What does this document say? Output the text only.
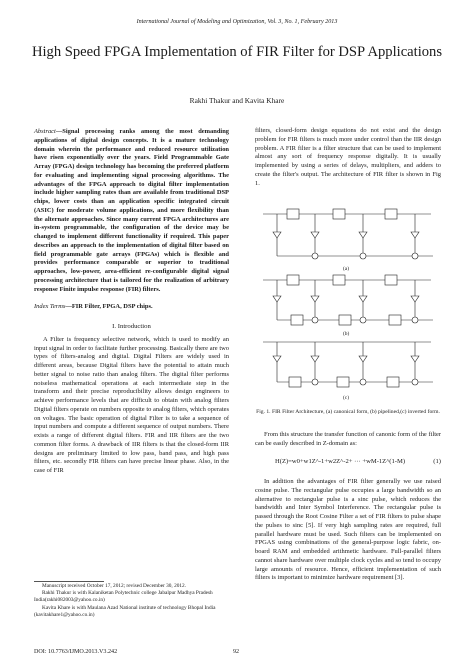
International Journal of Modeling and Optimization, Vol. 3, No. 1, February 2013
High Speed FPGA Implementation of FIR Filter for DSP Applications
Rakhi Thakur and Kavita Khare

Abstract—Signal processing ranks among the most demanding applications of digital design concepts. It is a mature technology domain wherein the performance and reduced resource utilization have risen exponentially over the years. Field Programmable Gate Array (FPGA) design technology has becoming the preferred platform for evaluating and implementing signal processing algorithms. The advantages of the FPGA approach to digital filter implementation include higher sampling rates than are available from traditional DSP chips, lower costs than an application specific integrated circuit (ASIC) for moderate volume applications, and more flexibility than the alternate approaches. Since many current FPGA architectures are in-system programmable, the configuration of the device may be changed to implement different functionality if required. This paper describes an approach to the implementation of digital filter based on field programmable gate arrays (FPGAs) which is flexible and provides performance comparable or superior to traditional approaches, low-power, area-efficient re-configurable digital signal processing architecture that is tailored for the realization of arbitrary response Finite impulse response (FIR) filters.

Index Terms—FIR Filter, FPGA, DSP chips.

I. Introduction

A Filter is frequency selective network, which is used to modify an input signal in order to facilitate further processing. Basically there are two types of filters-analog and digital. Digital Filters are widely used in different areas, because Digital filters have the potential to attain much better signal to noise ratio than analog filters. The digital filter performs noiseless mathematical operations at each intermediate step in the transform and their precise reproducibility allows design engineers to achieve performance levels that are difficult to obtain with analog filters Digital filters operate on numbers opposite to analog filters, which operates on voltages. The basic operation of digital Filter is to take a sequence of input numbers and compute a different sequence of output numbers. There exists a range of different digital filters. FIR and IIR filters are the two common filter forms. A drawback of IIR filters is that the closed-form IIR designs are preliminary limited to low pass, band pass, and high pass filters, etc. secondly FIR filters can have precise linear phase. Also, in the case of FIR

Manuscript received October 17, 2012; revised December 30, 2012.

Rakhi Thakur is with Kalaniketan Polytechnic college Jabalpur Madhya Pradesh India(rakhi082003@yahoo.co.in)

Kavita Khare is with Maulana Azad National institute of technology Bhopal India (kavitakhare1@yahoo.co.in)

filters, closed-form design equations do not exist and the design problem for FIR filters is much more under control than the IIR design problem. A FIR filter is a filter structure that can be used to implement almost any sort of frequency response digitally. It is usually implemented by using a series of delays, multipliers, and adders to create the filter's output. The architecture of FIR filter is shown in Fig 1.

(a)
(b)
(c)
Fig. 1. FIR Filter Architecture, (a) canonical form, (b) pipelined,(c) inverted form.

From this structure the transfer function of canonic form of the filter can be easily described in Z-domain as:

H(Z)=w0+w1Z^-1+w2Z^-2+ ··· +wM-1Z^(1-M)	(1)

In addition the advantages of FIR filter generally we use raised cosine pulse. The rectangular pulse occupies a large bandwidth so an alternative to rectangular pulse is a sinc pulse, which reduces the bandwidth and Inter Symbol Interference. The rectangular pulse is passed through the Root Cosine Filter a set of FIR filters to pulse shape the pulses to sinc [5]. If very high sampling rates are required, full parallel hardware must be used. Such filters can be implemented on FPGAS using combinations of the general-purpose logic fabric, on-board RAM and embedded arithmetic hardware. Full-parallel filters cannot share hardware over multiple clock cycles and so tend to occupy large amounts of resource. Hence, efficient implementation of such filters is important to minimize hardware requirement [3].

DOI: 10.7763/IJMO.2013.V3.242	92
